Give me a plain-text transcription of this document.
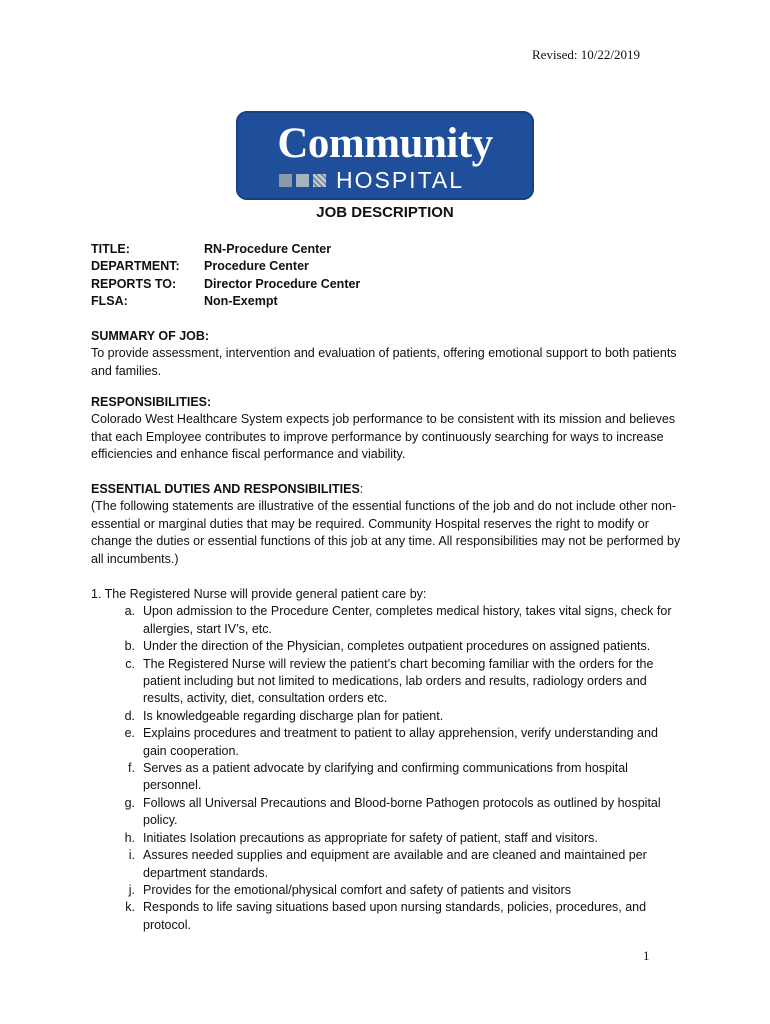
Revised: 10/22/2019
Community
HOSPITAL
JOB DESCRIPTION
TITLE:	RN-Procedure Center
DEPARTMENT:	Procedure Center
REPORTS TO:	Director Procedure Center
FLSA:	Non-Exempt
SUMMARY OF JOB:
To provide assessment, intervention and evaluation of patients, offering emotional support to both patients and families.
RESPONSIBILITIES:
Colorado West Healthcare System expects job performance to be consistent with its mission and believes that each Employee contributes to improve performance by continuously searching for ways to increase efficiencies and enhance fiscal performance and viability.
ESSENTIAL DUTIES AND RESPONSIBILITIES:
(The following statements are illustrative of the essential functions of the job and do not include other non-essential or marginal duties that may be required. Community Hospital reserves the right to modify or change the duties or essential functions of this job at any time. All responsibilities may not be performed by all incumbents.)
1. The Registered Nurse will provide general patient care by:
a. Upon admission to the Procedure Center, completes medical history, takes vital signs, check for allergies, start IV’s, etc.
b. Under the direction of the Physician, completes outpatient procedures on assigned patients.
c. The Registered Nurse will review the patient’s chart becoming familiar with the orders for the patient including but not limited to medications, lab orders and results, radiology orders and results, activity, diet, consultation orders etc.
d. Is knowledgeable regarding discharge plan for patient.
e. Explains procedures and treatment to patient to allay apprehension, verify understanding and gain cooperation.
f. Serves as a patient advocate by clarifying and confirming communications from hospital personnel.
g. Follows all Universal Precautions and Blood-borne Pathogen protocols as outlined by hospital policy.
h. Initiates Isolation precautions as appropriate for safety of patient, staff and visitors.
i. Assures needed supplies and equipment are available and are cleaned and maintained per department standards.
j. Provides for the emotional/physical comfort and safety of patients and visitors
k. Responds to life saving situations based upon nursing standards, policies, procedures, and protocol.
1
